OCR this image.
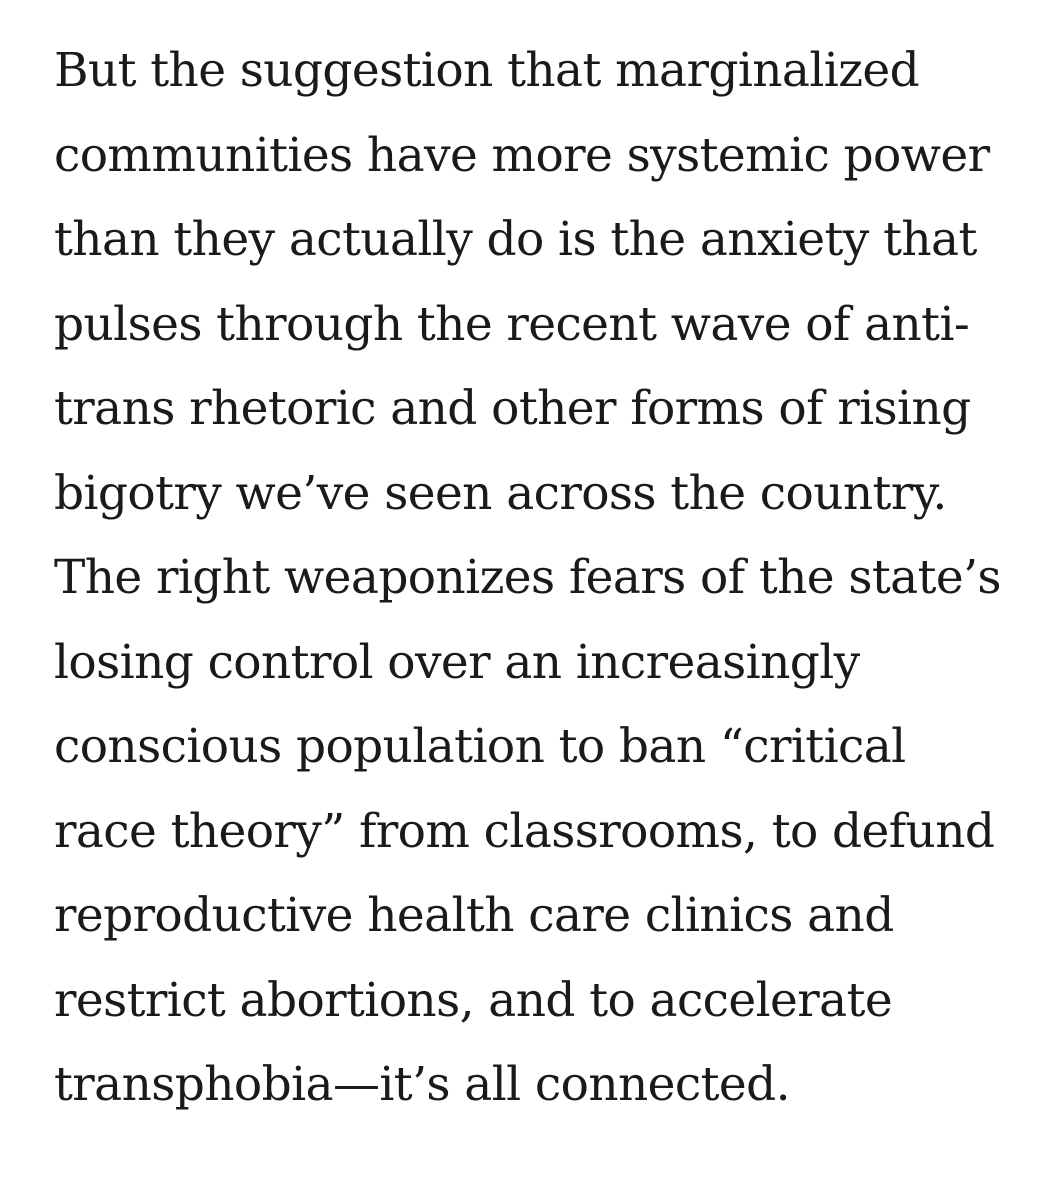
But the suggestion that marginalized
communities have more systemic power
than they actually do is the anxiety that
pulses through the recent wave of anti-
trans rhetoric and other forms of rising
bigotry we’ve seen across the country.
The right weaponizes fears of the state’s
losing control over an increasingly
conscious population to ban “critical
race theory” from classrooms, to defund
reproductive health care clinics and
restrict abortions, and to accelerate
transphobia—it’s all connected.
